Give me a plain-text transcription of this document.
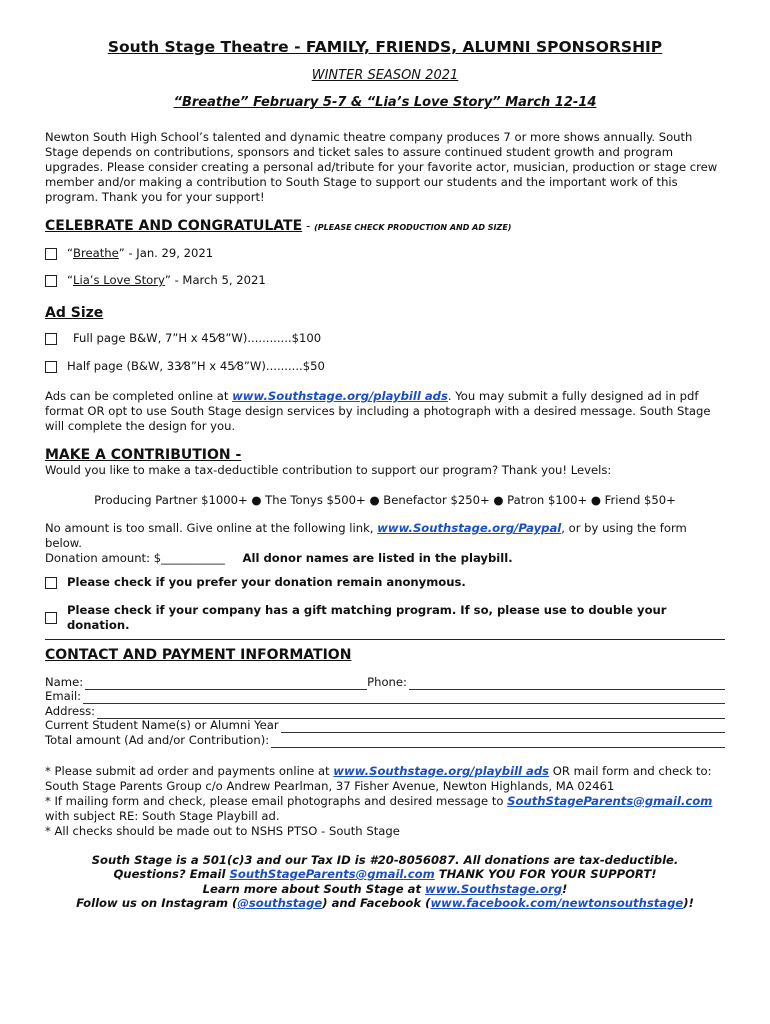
South Stage Theatre - FAMILY, FRIENDS, ALUMNI SPONSORSHIP
WINTER SEASON 2021
“Breathe” February 5-7 & “Lia’s Love Story” March 12-14
Newton South High School’s talented and dynamic theatre company produces 7 or more shows annually. South Stage depends on contributions, sponsors and ticket sales to assure continued student growth and program upgrades. Please consider creating a personal ad/tribute for your favorite actor, musician, production or stage crew member and/or making a contribution to South Stage to support our students and the important work of this program. Thank you for your support!
CELEBRATE AND CONGRATULATE - (PLEASE CHECK PRODUCTION AND AD SIZE)
“ Breathe ” - Jan. 29, 2021
“ Lia’s Love Story ” - March 5, 2021
Ad Size
Full page B&W, 7”H x 45⁄8”W)............$100
Half page (B&W, 33⁄8”H x 45⁄8”W)..........$50
Ads can be completed online at www.Southstage.org/playbill ads. You may submit a fully designed ad in pdf format OR opt to use South Stage design services by including a photograph with a desired message. South Stage will complete the design for you.
MAKE A CONTRIBUTION -
Would you like to make a tax-deductible contribution to support our program? Thank you! Levels:
Producing Partner $1000+ ● The Tonys $500+ ● Benefactor $250+ ● Patron $100+ ● Friend $50+
No amount is too small. Give online at the following link, www.Southstage.org/Paypal, or by using the form below.
Donation amount: $___________ All donor names are listed in the playbill.
Please check if you prefer your donation remain anonymous.
Please check if your company has a gift matching program. If so, please use to double your donation.
CONTACT AND PAYMENT INFORMATION
Name:	Phone:
Email:
Address:
Current Student Name(s) or Alumni Year
Total amount (Ad and/or Contribution):
* Please submit ad order and payments online at www.Southstage.org/playbill ads OR mail form and check to: South Stage Parents Group c/o Andrew Pearlman, 37 Fisher Avenue, Newton Highlands, MA 02461
* If mailing form and check, please email photographs and desired message to SouthStageParents@gmail.com with subject RE: South Stage Playbill ad.
* All checks should be made out to NSHS PTSO - South Stage
South Stage is a 501(c)3 and our Tax ID is #20-8056087. All donations are tax-deductible.
Questions? Email SouthStageParents@gmail.com THANK YOU FOR YOUR SUPPORT!
Learn more about South Stage at www.Southstage.org!
Follow us on Instagram (@southstage) and Facebook (www.facebook.com/newtonsouthstage)!
